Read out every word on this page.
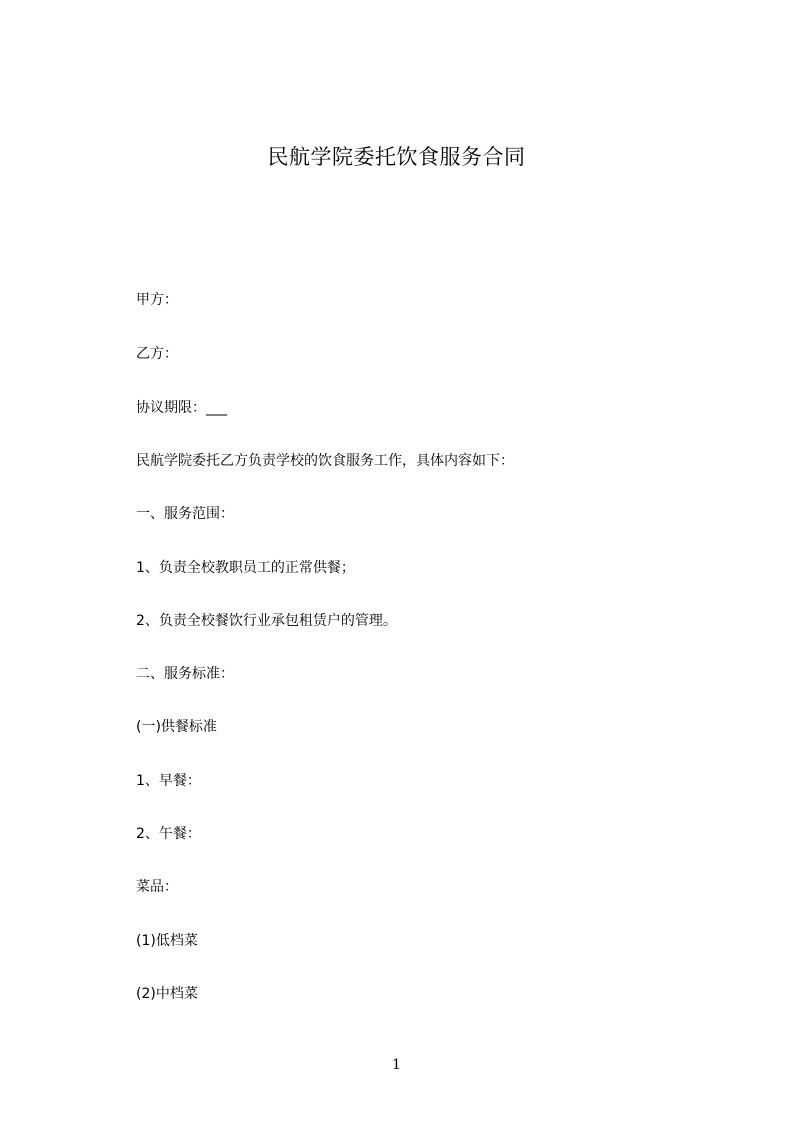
民航学院委托饮食服务合同
甲方：
乙方：
协议期限：___
民航学院委托乙方负责学校的饮食服务工作，具体内容如下：
一、服务范围：
1、负责全校教职员工的正常供餐；
2、负责全校餐饮行业承包租赁户的管理。
二、服务标准：
(一)供餐标准
1、早餐：
2、午餐：
菜品：
(1)低档菜
(2)中档菜
1
